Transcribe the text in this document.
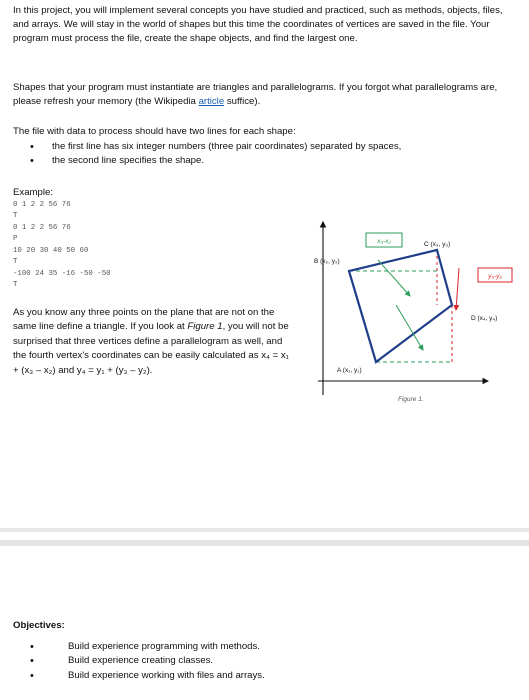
In this project, you will implement several concepts you have studied and practiced, such as methods, objects, files, and arrays. We will stay in the world of shapes but this time the coordinates of vertices are saved in the file. Your program must process the file, create the shape objects, and find the largest one.

Shapes that your program must instantiate are triangles and parallelograms. If you forgot what parallelograms are, please refresh your memory (the Wikipedia article suffice).

The file with data to process should have two lines for each shape:

• the first line has six integer numbers (three pair coordinates) separated by spaces,
• the second line specifies the shape.
Example:
0 1 2 2 56 76
T
0 1 2 2 56 76
P
10 20 30 40 50 60
T
-100 24 35 -16 -50 -50
T

As you know any three points on the plane that are not on the same line define a triangle. If you look at Figure 1, you will not be surprised that three vertices define a parallelogram as well, and the fourth vertex's coordinates can be easily calculated as x₄ = x₁ + (x₃ – x₂) and y₄ = y₁ + (y₃ – y₂).

x₃-x₂
y₃-y₂
B (x₂, y₂)
C (x₃, y₃)
A (x₁, y₁)
D (x₄, y₄)
Figure 1.
Objectives:
• Build experience programming with methods.
• Build experience creating classes.
• Build experience working with files and arrays.
